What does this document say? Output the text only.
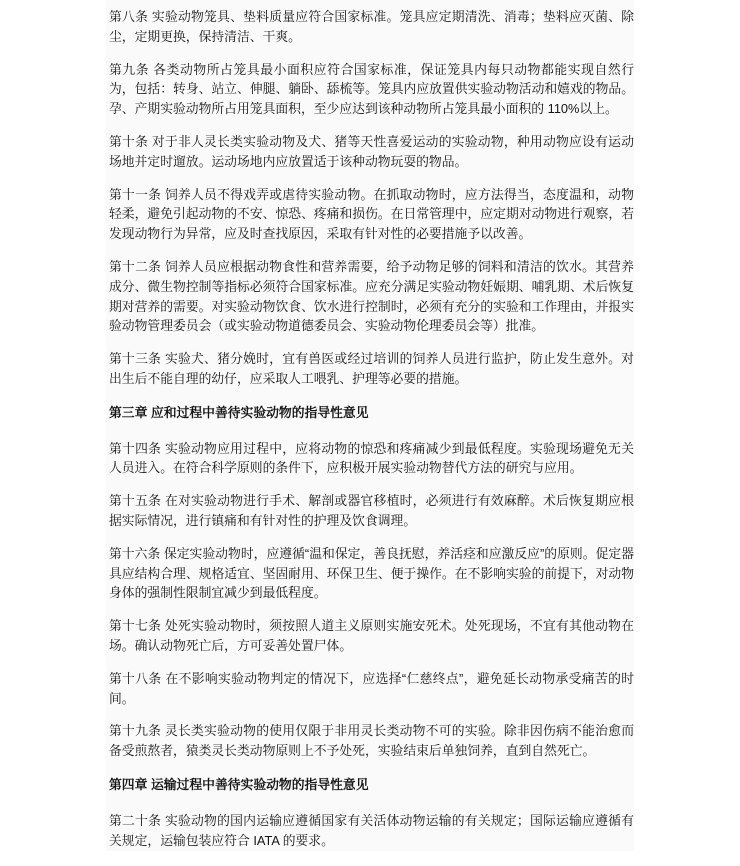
第八条 实验动物笼具、垫料质量应符合国家标准。笼具应定期清洗、消毒；垫料应灭菌、除尘，定期更换，保持清洁、干爽。

第九条 各类动物所占笼具最小面积应符合国家标准，保证笼具内每只动物都能实现自然行为，包括：转身、站立、伸腿、躺卧、舔梳等。笼具内应放置供实验动物活动和嬉戏的物品。孕、产期实验动物所占用笼具面积，至少应达到该种动物所占笼具最小面积的 110%以上。

第十条 对于非人灵长类实验动物及犬、猪等天性喜爱运动的实验动物，种用动物应设有运动场地并定时遛放。运动场地内应放置适于该种动物玩耍的物品。

第十一条 饲养人员不得戏弄或虐待实验动物。在抓取动物时，应方法得当，态度温和，动物轻柔，避免引起动物的不安、惊恐、疼痛和损伤。在日常管理中，应定期对动物进行观察，若发现动物行为异常，应及时查找原因，采取有针对性的必要措施予以改善。

第十二条 饲养人员应根据动物食性和营养需要，给予动物足够的饲料和清洁的饮水。其营养成分、微生物控制等指标必须符合国家标准。应充分满足实验动物妊娠期、哺乳期、术后恢复期对营养的需要。对实验动物饮食、饮水进行控制时，必须有充分的实验和工作理由，并报实验动物管理委员会（或实验动物道德委员会、实验动物伦理委员会等）批准。

第十三条 实验犬、猪分娩时，宜有兽医或经过培训的饲养人员进行监护，防止发生意外。对出生后不能自理的幼仔，应采取人工喂乳、护理等必要的措施。

第三章 应和过程中善待实验动物的指导性意见

第十四条 实验动物应用过程中，应将动物的惊恐和疼痛减少到最低程度。实验现场避免无关人员进入。在符合科学原则的条件下，应积极开展实验动物替代方法的研究与应用。

第十五条 在对实验动物进行手术、解剖或器官移植时，必须进行有效麻醉。术后恢复期应根据实际情况，进行镇痛和有针对性的护理及饮食调理。

第十六条 保定实验动物时，应遵循“温和保定，善良抚慰，养活痉和应激反应”的原则。促定器具应结构合理、规格适宜、坚固耐用、环保卫生、便于操作。在不影响实验的前提下，对动物身体的强制性限制宜减少到最低程度。

第十七条 处死实验动物时，须按照人道主义原则实施安死术。处死现场，不宜有其他动物在场。确认动物死亡后，方可妥善处置尸体。

第十八条 在不影响实验动物判定的情况下，应选择“仁慈终点”，避免延长动物承受痛苦的时间。

第十九条 灵长类实验动物的使用仅限于非用灵长类动物不可的实验。除非因伤病不能治愈而备受煎熬者，猿类灵长类动物原则上不予处死，实验结束后单独饲养，直到自然死亡。

第四章 运输过程中善待实验动物的指导性意见

第二十条 实验动物的国内运输应遵循国家有关活体动物运输的有关规定；国际运输应遵循有关规定，运输包装应符合 IATA 的要求。
